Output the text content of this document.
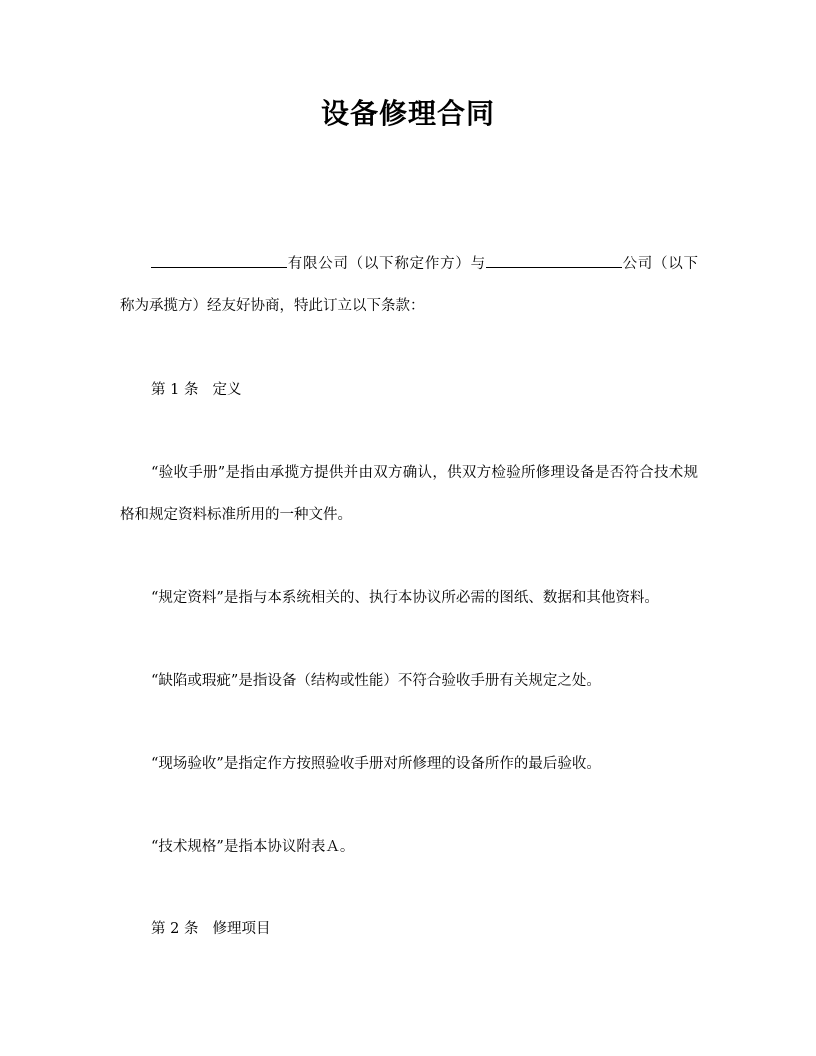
设备修理合同

有限公司（以下称定作方）与	公司（以下称为承揽方）经友好协商，特此订立以下条款：

第 1 条 定义

“验收手册”是指由承揽方提供并由双方确认，供双方检验所修理设备是否符合技术规格和规定资料标准所用的一种文件。

“规定资料”是指与本系统相关的、执行本协议所必需的图纸、数据和其他资料。

“缺陷或瑕疵”是指设备（结构或性能）不符合验收手册有关规定之处。

“现场验收”是指定作方按照验收手册对所修理的设备所作的最后验收。

“技术规格”是指本协议附表Ａ。

第 2 条 修理项目
